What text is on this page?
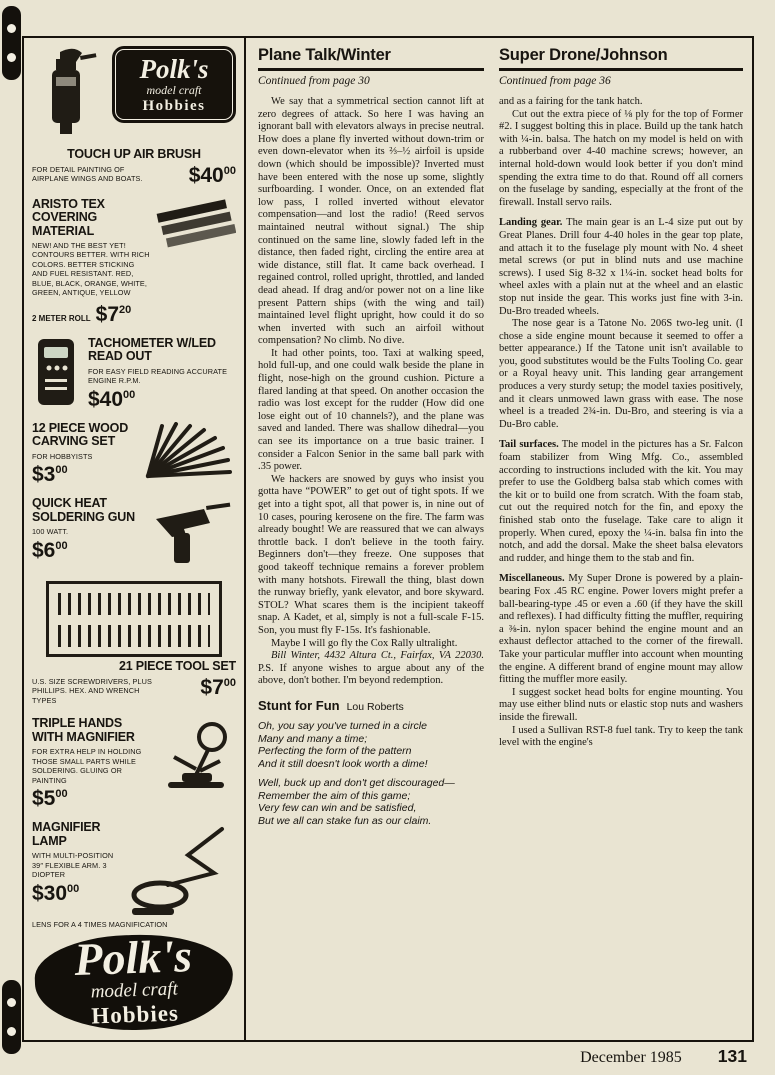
Polk's
model craft
Hobbies
TOUCH UP AIR BRUSH

FOR DETAIL PAINTING OF AIRPLANE WINGS AND BOATS.	$\$40^{00}$
ARISTO TEX COVERING MATERIAL

NEW! AND THE BEST YET! CONTOURS BETTER. WITH RICH COLORS. BETTER STICKING AND FUEL RESISTANT. RED, BLUE, BLACK, ORANGE, WHITE, GREEN, ANTIQUE, YELLOW

2 METER ROLL $\$7^{20}$
TACHOMETER W/LED READ OUT

FOR EASY FIELD READING ACCURATE ENGINE R.P.M.

$\$40^{00}$
12 PIECE WOOD CARVING SET

FOR HOBBYISTS

$\$3^{00}$
QUICK HEAT SOLDERING GUN

100 WATT.

$\$6^{00}$
21 PIECE TOOL SET

U.S. SIZE SCREWDRIVERS, PLUS PHILLIPS. HEX. AND WRENCH TYPES

$\$7^{00}$
TRIPLE HANDS WITH MAGNIFIER

FOR EXTRA HELP IN HOLDING THOSE SMALL PARTS WHILE SOLDERING. GLUING OR PAINTING

$\$5^{00}$
MAGNIFIER LAMP

WITH MULTI-POSITION 39″ FLEXIBLE ARM. 3 DIOPTER

$\$30^{00}$

LENS FOR A 4 TIMES MAGNIFICATION

Polk's
model craft
Hobbies
Plane Talk/Winter

Continued from page 30

We say that a symmetrical section cannot lift at zero degrees of attack. So here I was having an ignorant ball with elevators always in precise neutral. How does a plane fly inverted without down-trim or even down-elevator when its ⅔–½ airfoil is upside down (which should be impossible)? Inverted must have been entered with the nose up some, slightly surfboarding. I wonder. Once, on an extended flat low pass, I rolled inverted without elevator compensation—and lost the radio! (Reed servos maintained neutral without signal.) The ship continued on the same line, slowly faded left in the distance, then faded right, circling the entire area at wide distance, still flat. It came back overhead. I regained control, rolled upright, throttled, and landed dead ahead. If drag and/or power not on a line like present Pattern ships (with the wing and tail) maintained level flight upright, how could it do so when inverted with such an airfoil without compensation? No climb. No dive.

It had other points, too. Taxi at walking speed, hold full-up, and one could walk beside the plane in flight, nose-high on the ground cushion. Picture a flared landing at that speed. On another occasion the radio was lost except for the rudder (How did one lose eight out of 10 channels?), and the plane was saved and landed. There was shallow dihedral—you can see its importance on a true basic trainer. I consider a Falcon Senior in the same ball park with .35 power.

We hackers are snowed by guys who insist you gotta have “POWER” to get out of tight spots. If we get into a tight spot, all that power is, in nine out of 10 cases, pouring kerosene on the fire. The farm was already bought! We are reassured that we can always throttle back. I don't believe in the tooth fairy. Beginners don't—they freeze. One supposes that good takeoff technique remains a forever problem with many hotshots. Firewall the thing, blast down the runway briefly, yank elevator, and bore skyward. STOL? What scares them is the incipient takeoff snap. A Kadet, et al, simply is not a full-scale F-15. Son, you must fly F-15s. It's fashionable.

Maybe I will go fly the Cox Rally ultralight.

Bill Winter, 4432 Altura Ct., Fairfax, VA 22030. P.S. If anyone wishes to argue about any of the above, don't bother. I'm beyond redemption.

Stunt for Fun Lou Roberts
Oh, you say you've turned in a circle
Many and many a time;
Perfecting the form of the pattern
And it still doesn't look worth a dime!
Well, buck up and don't get discouraged—
Remember the aim of this game;
Very few can win and be satisfied,
But we all can stake fun as our claim.
Super Drone/Johnson

Continued from page 36

and as a fairing for the tank hatch.

Cut out the extra piece of ⅛ ply for the top of Former #2. I suggest bolting this in place. Build up the tank hatch with ¼-in. balsa. The hatch on my model is held on with a rubberband over 4-40 machine screws; however, an internal hold-down would look better if you don't mind spending the extra time to do that. Round off all corners on the fuselage by sanding, especially at the front of the firewall. Install servo rails.

Landing gear. The main gear is an L-4 size put out by Great Planes. Drill four 4-40 holes in the gear top plate, and attach it to the fuselage ply mount with No. 4 sheet metal screws (or put in blind nuts and use machine screws). I used Sig 8-32 x 1¼-in. socket head bolts for wheel axles with a plain nut at the wheel and an elastic stop nut inside the gear. This works just fine with 3-in. Du-Bro treaded wheels.

The nose gear is a Tatone No. 206S two-leg unit. (I chose a side engine mount because it seemed to offer a better appearance.) If the Tatone unit isn't available to you, good substitutes would be the Fults Tooling Co. gear or a Royal heavy unit. This landing gear arrangement produces a very sturdy setup; the model taxies positively, and it clears unmowed lawn grass with ease. The nose wheel is a treaded 2¾-in. Du-Bro, and steering is via a Du-Bro cable.

Tail surfaces. The model in the pictures has a Sr. Falcon foam stabilizer from Wing Mfg. Co., assembled according to instructions included with the kit. You may prefer to use the Goldberg balsa stab which comes with the kit or to build one from scratch. With the foam stab, cut out the required notch for the fin, and epoxy the finished stab onto the fuselage. Take care to align it properly. When cured, epoxy the ¼-in. balsa fin into the notch, and add the dorsal. Make the sheet balsa elevators and rudder, and hinge them to the stab and fin.

Miscellaneous. My Super Drone is powered by a plain-bearing Fox .45 RC engine. Power lovers might prefer a ball-bearing-type .45 or even a .60 (if they have the skill and reflexes). I had difficulty fitting the muffler, requiring a ⅜-in. nylon spacer behind the engine mount and an exhaust deflector attached to the corner of the firewall. Take your particular muffler into account when mounting the engine. A different brand of engine mount may allow fitting the muffler more easily.

I suggest socket head bolts for engine mounting. You may use either blind nuts or elastic stop nuts and washers inside the firewall.

I used a Sullivan RST-8 fuel tank. Try to keep the tank level with the engine's

December 1985 131
